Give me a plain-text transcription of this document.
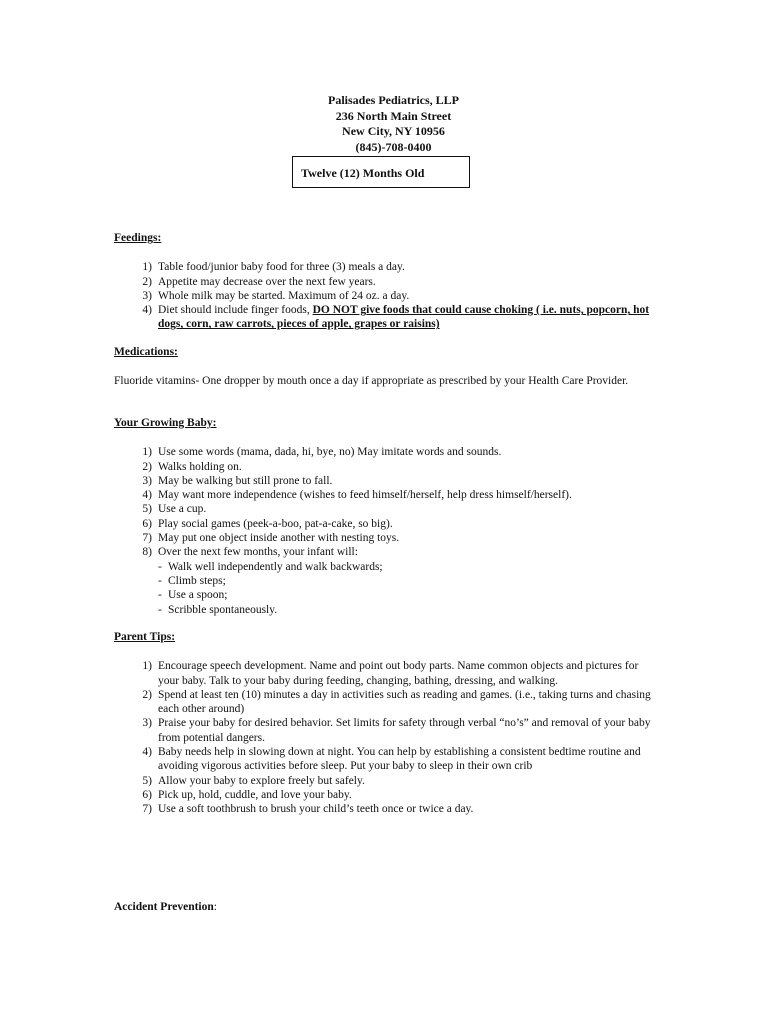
Palisades Pediatrics, LLP
236 North Main Street
New City, NY 10956
(845)-708-0400
Twelve (12) Months Old
Feedings:
1) Table food/junior baby food for three (3) meals a day.
2) Appetite may decrease over the next few years.
3) Whole milk may be started. Maximum of 24 oz. a day.
4) Diet should include finger foods, DO NOT give foods that could cause choking ( i.e. nuts, popcorn, hot dogs, corn, raw carrots, pieces of apple, grapes or raisins)
Medications:

Fluoride vitamins- One dropper by mouth once a day if appropriate as prescribed by your Health Care Provider.

Your Growing Baby:
1) Use some words (mama, dada, hi, bye, no) May imitate words and sounds.
2) Walks holding on.
3) May be walking but still prone to fall.
4) May want more independence (wishes to feed himself/herself, help dress himself/herself).
5) Use a cup.
6) Play social games (peek-a-boo, pat-a-cake, so big).
7) May put one object inside another with nesting toys.
8) Over the next few months, your infant will:
- Walk well independently and walk backwards;
- Climb steps;
- Use a spoon;
- Scribble spontaneously.
Parent Tips:
1) Encourage speech development. Name and point out body parts. Name common objects and pictures for your baby. Talk to your baby during feeding, changing, bathing, dressing, and walking.
2) Spend at least ten (10) minutes a day in activities such as reading and games. (i.e., taking turns and chasing each other around)
3) Praise your baby for desired behavior. Set limits for safety through verbal “no’s” and removal of your baby from potential dangers.
4) Baby needs help in slowing down at night. You can help by establishing a consistent bedtime routine and avoiding vigorous activities before sleep. Put your baby to sleep in their own crib
5) Allow your baby to explore freely but safely.
6) Pick up, hold, cuddle, and love your baby.
7) Use a soft toothbrush to brush your child’s teeth once or twice a day.
Accident Prevention:
